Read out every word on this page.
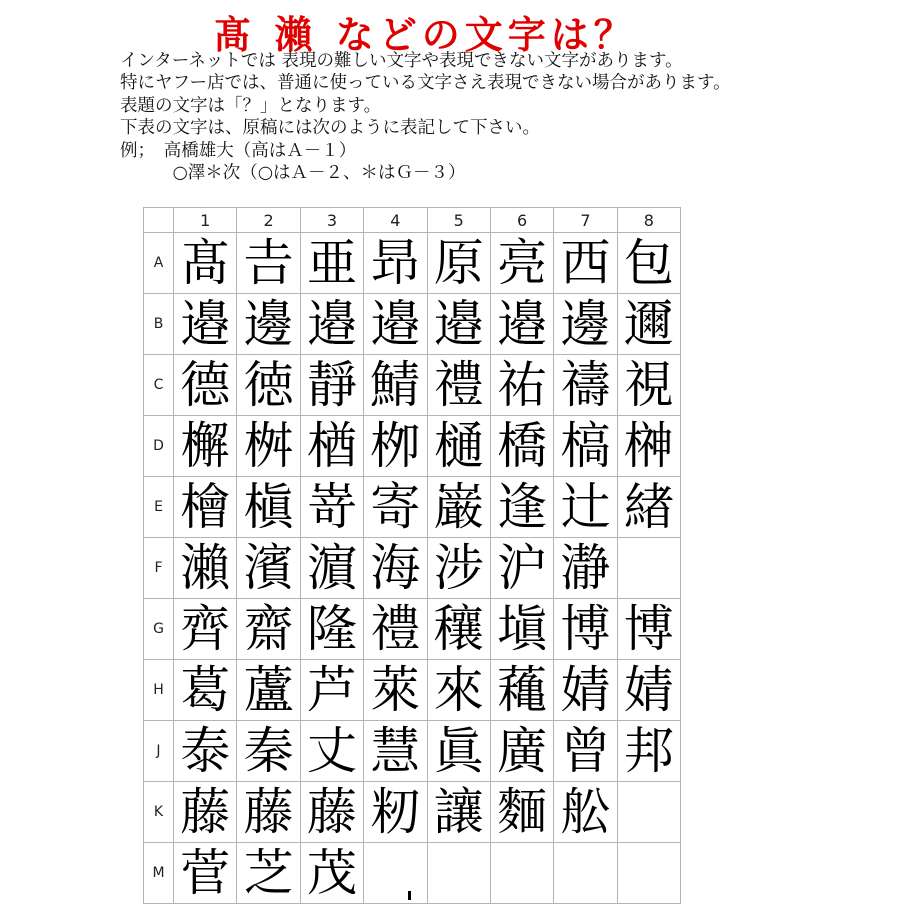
髙 瀨 などの文字は？
インターネットでは 表現の難しい文字や表現できない文字があります。
特にヤフー店では、普通に使っている文字さえ表現できない場合があります。
表題の文字は「？」となります。
下表の文字は、原稿には次のように表記して下さい。
例；　高橋雄大（高はＡ－１）
　　　○澤＊次（○はＡ－２、＊はＧ－３）
	1	2	3	4	5	6	7	8
A	髙	𠮷	亜	昻	原	亮	西	包
B	邉	邊	邉	邉	邉	邉	邊	邇
C	德	徳	靜	鯖	禮	祐	禱	視
D	檞	桝	楢	栁	樋	橋	槁	榊
E	檜	槇	嵜	寄	巌	逢	辻	緖
F	瀨	濱	濵	海	涉	沪	瀞	
G	齊	齋	隆	禮	穰	塡	博	博
H	葛	蘆	芦	萊	來	蘒	婧	婧
J	泰	秦	丈	慧	眞	廣	曾	邦
K	藤	藤	藤	籾	讓	麵	舩	
M	菅	芝	茂					
